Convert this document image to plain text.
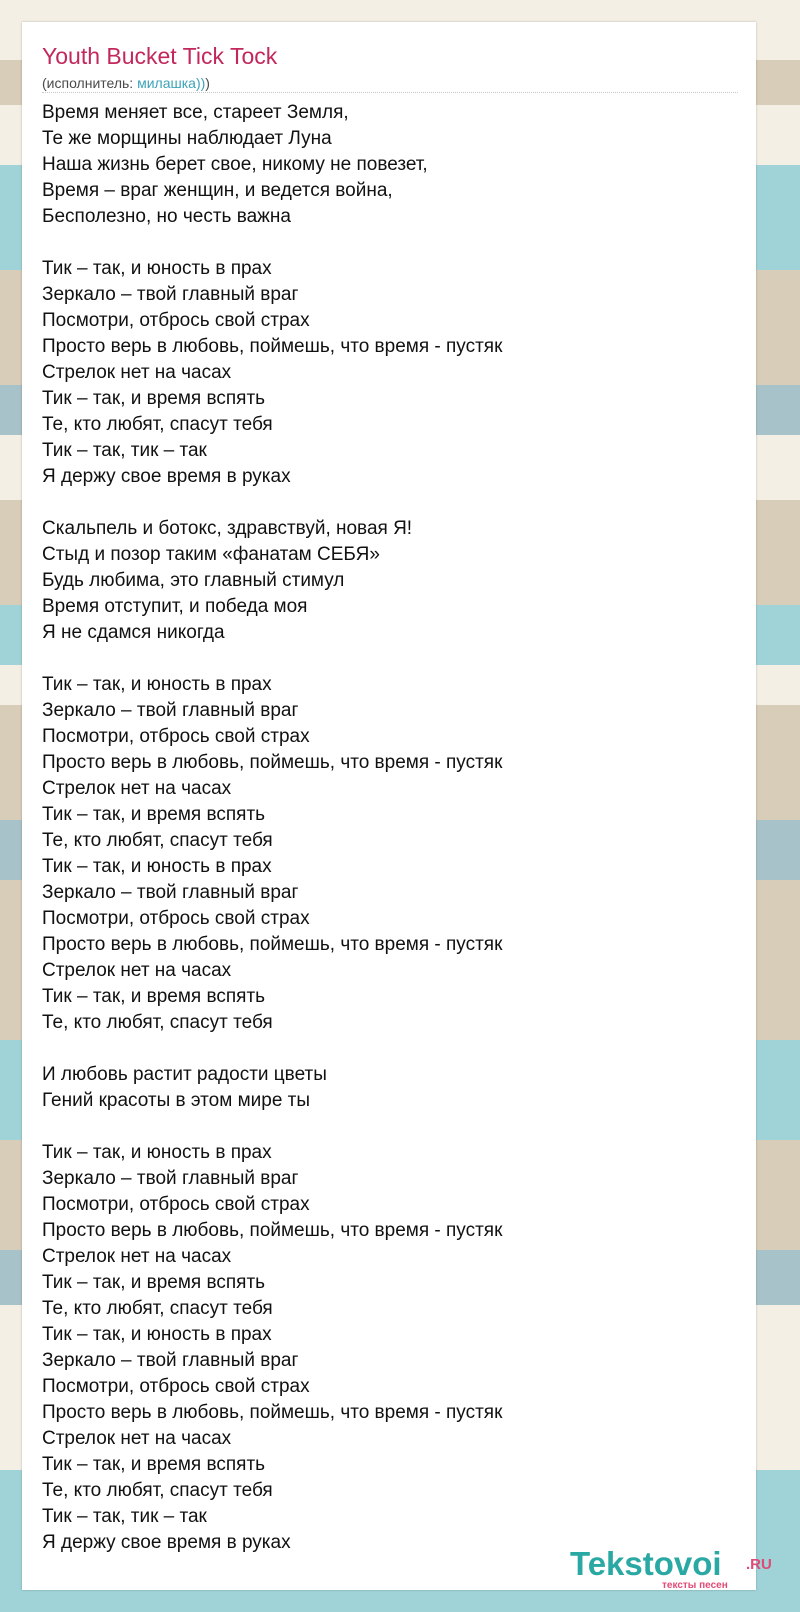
Youth Bucket Tick Tock
(исполнитель: милашка)))
Время меняет все, стареет Земля,
Те же морщины наблюдает Луна
Наша жизнь берет свое, никому не повезет,
Время – враг женщин, и ведется война,
Бесполезно, но честь важна
Тик – так, и юность в прах
Зеркало – твой главный враг
Посмотри, отбрось свой страх
Просто верь в любовь, поймешь, что время - пустяк
Стрелок нет на часах
Тик – так, и время вспять
Те, кто любят, спасут тебя
Тик – так, тик – так
Я держу свое время в руках
Скальпель и ботокс, здравствуй, новая Я!
Стыд и позор таким «фанатам СЕБЯ»
Будь любима, это главный стимул
Время отступит, и победа моя
Я не сдамся никогда
Тик – так, и юность в прах
Зеркало – твой главный враг
Посмотри, отбрось свой страх
Просто верь в любовь, поймешь, что время - пустяк
Стрелок нет на часах
Тик – так, и время вспять
Те, кто любят, спасут тебя
Тик – так, и юность в прах
Зеркало – твой главный враг
Посмотри, отбрось свой страх
Просто верь в любовь, поймешь, что время - пустяк
Стрелок нет на часах
Тик – так, и время вспять
Те, кто любят, спасут тебя
И любовь растит радости цветы
Гений красоты в этом мире ты
Тик – так, и юность в прах
Зеркало – твой главный враг
Посмотри, отбрось свой страх
Просто верь в любовь, поймешь, что время - пустяк
Стрелок нет на часах
Тик – так, и время вспять
Те, кто любят, спасут тебя
Тик – так, и юность в прах
Зеркало – твой главный враг
Посмотри, отбрось свой страх
Просто верь в любовь, поймешь, что время - пустяк
Стрелок нет на часах
Тик – так, и время вспять
Те, кто любят, спасут тебя
Тик – так, тик – так
Я держу свое время в руках
Tekstovoi .RU
тексты песен
